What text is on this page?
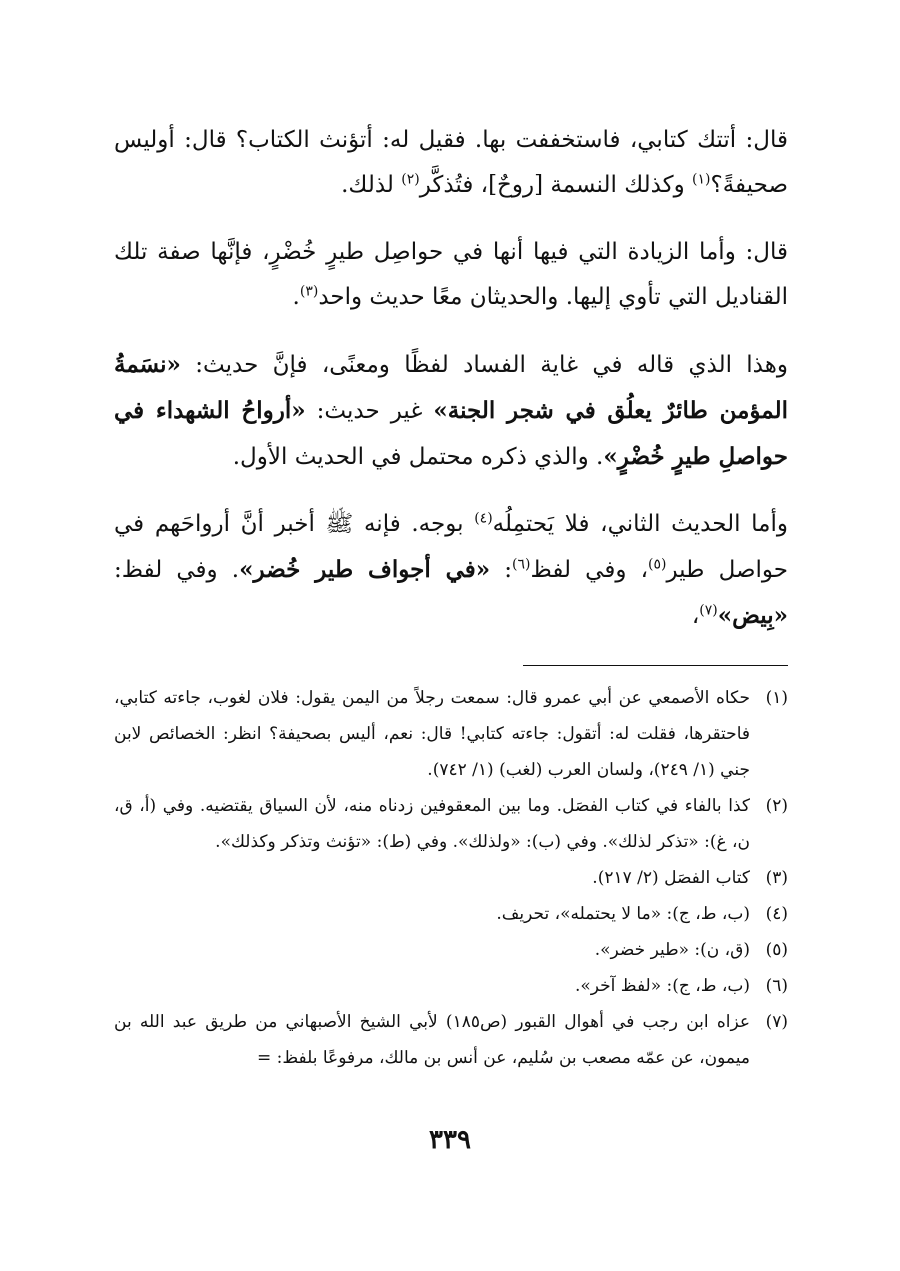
قال: أتتك كتابي، فاستخففت بها. فقيل له: أتؤنث الكتاب؟ قال: أوليس صحيفةً؟$^{(١)}$ وكذلك النسمة [روحٌ]، فتُذكَّر$^{(٢)}$ لذلك.

قال: وأما الزيادة التي فيها أنها في حواصِل طيرٍ خُضْرٍ، فإنَّها صفة تلك القناديل التي تأوي إليها. والحديثان معًا حديث واحد$^{(٣)}$.

وهذا الذي قاله في غاية الفساد لفظًا ومعنًى، فإنَّ حديث: «نسَمةُ المؤمن طائرٌ يعلُق في شجر الجنة» غير حديث: «أرواحُ الشهداء في حواصلِ طيرٍ خُضْرٍ». والذي ذكره محتمل في الحديث الأول.

وأما الحديث الثاني، فلا يَحتمِلُه$^{(٤)}$ بوجه. فإنه ﷺ أخبر أنَّ أرواحَهم في حواصل طير$^{(٥)}$، وفي لفظ$^{(٦)}$: «في أجواف طير خُضر». وفي لفظ: «بِيض»$^{(٧)}$،

(١)
حكاه الأصمعي عن أبي عمرو قال: سمعت رجلاً من اليمن يقول: فلان لغوب، جاءته كتابي، فاحتقرها، فقلت له: أتقول: جاءته كتابي! قال: نعم، أليس بصحيفة؟ انظر: الخصائص لابن جني (١/ ٢٤٩)، ولسان العرب (لغب) (١/ ٧٤٢).
(٢)
كذا بالفاء في كتاب الفصَل. وما بين المعقوفين زدناه منه، لأن السياق يقتضيه. وفي (أ، ق، ن، غ): «تذكر لذلك». وفي (ب): «ولذلك». وفي (ط): «تؤنث وتذكر وكذلك».
(٣)
كتاب الفصَل (٢/ ٢١٧).
(٤)
(ب، ط، ج): «ما لا يحتمله»، تحريف.
(٥)
(ق، ن): «طير خضر».
(٦)
(ب، ط، ج): «لفظ آخر».
(٧)
عزاه ابن رجب في أهوال القبور (ص١٨٥) لأبي الشيخ الأصبهاني من طريق عبد الله بن ميمون، عن عمّه مصعب بن سُليم، عن أنس بن مالك، مرفوعًا بلفظ: =
٣٣٩
